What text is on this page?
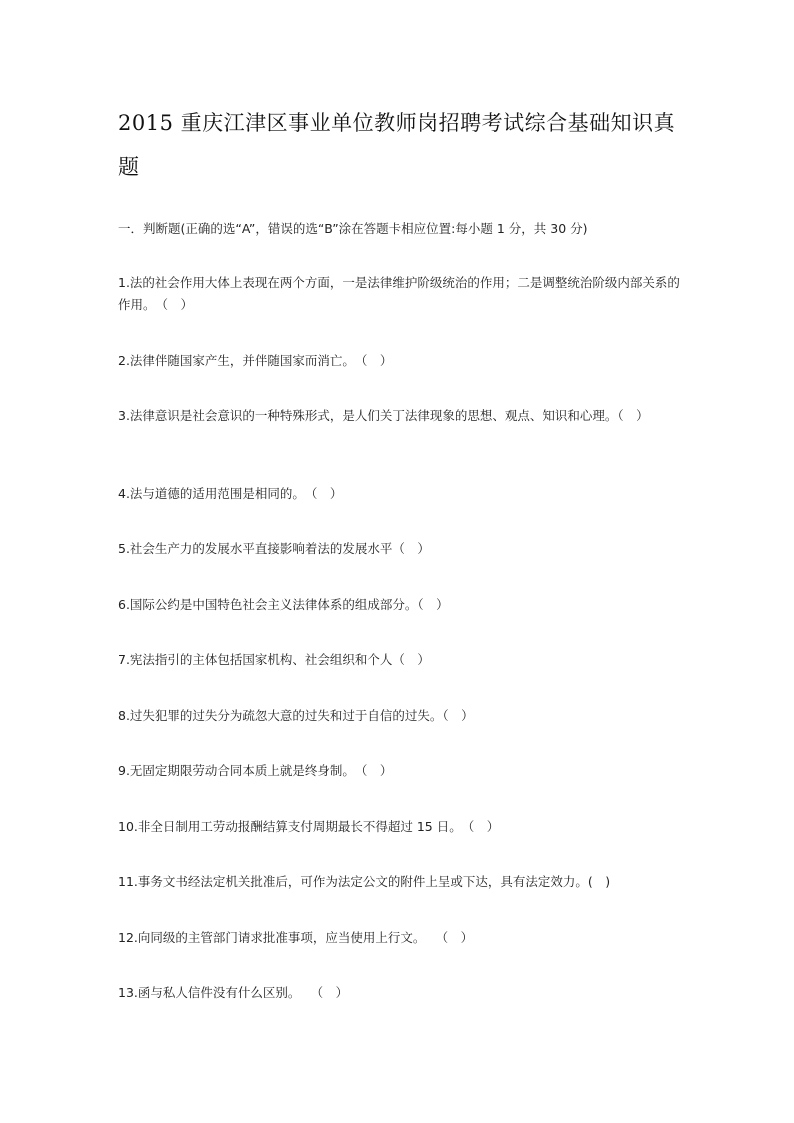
2015 重庆江津区事业单位教师岗招聘考试综合基础知识真题

一．判断题(正确的选“A”，错误的选“B”涂在答题卡相应位置:每小题 1 分，共 30 分)

1.法的社会作用大体上表现在两个方面，一是法律维护阶级统治的作用；二是调整统治阶级内部关系的作用。　（　）

2.法律伴随国家产生，并伴随国家而消亡。　（　）

3.法律意识是社会意识的一种特殊形式，是人们关丁法律现象的思想、观点、知识和心理。（　）

4.法与道德的适用范围是相同的。　（　）

5.社会生产力的发展水平直接影响着法的发展水平（　）

6.国际公约是中国特色社会主义法律体系的组成部分。（　）

7.宪法指引的主体包括国家机构、社会组织和个人（　）

8.过失犯罪的过失分为疏忽大意的过失和过于自信的过失。（　）

9.无固定期限劳动合同本质上就是终身制。　（　）

10.非全日制用工劳动报酬结算支付周期最长不得超过 15 日。　（　）

11.事务文书经法定机关批准后，可作为法定公文的附件上呈或下达，具有法定效力。(　)

12.向同级的主管部门请求批准事项，应当使用上行文。　 （　）

13.函与私人信件没有什么区别。　 （　）
